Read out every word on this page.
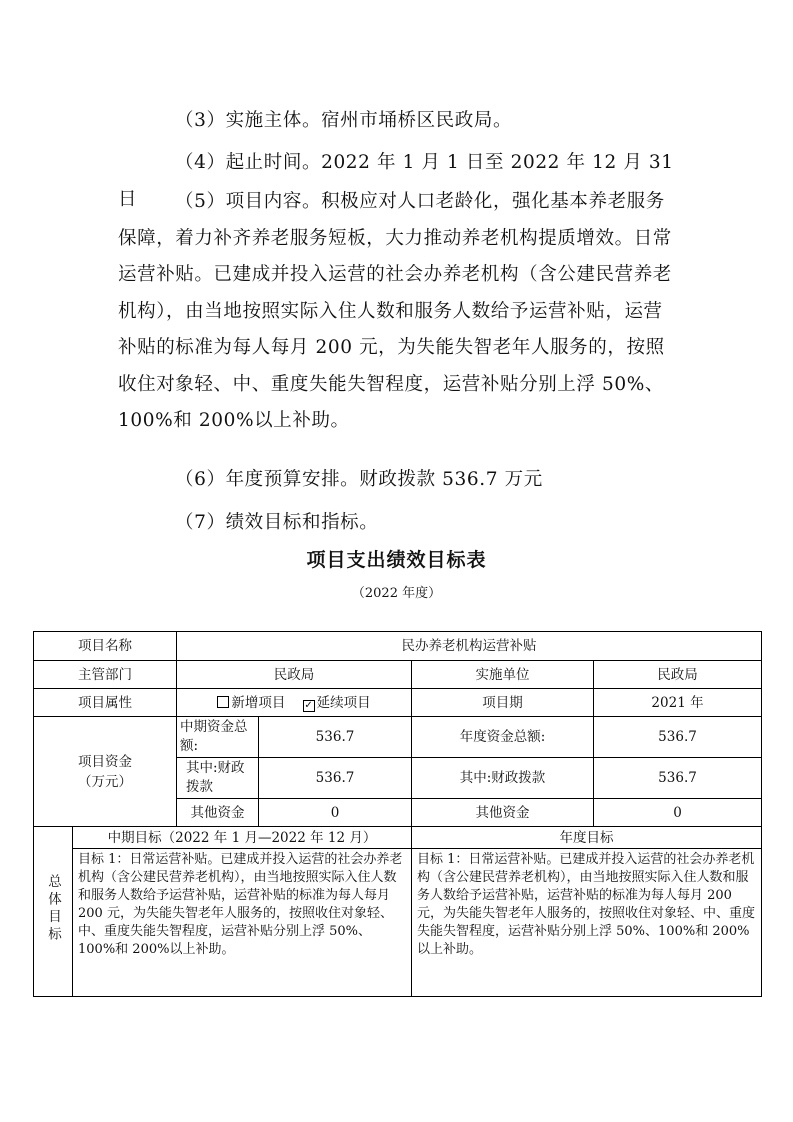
（3）实施主体。宿州市埇桥区民政局。
（4）起止时间。2022 年 1 月 1 日至 2022 年 12 月 31 日	（5）项目内容。积极应对人口老龄化，强化基本养老服务保障，着力补齐养老服务短板，大力推动养老机构提质增效。日常运营补贴。已建成并投入运营的社会办养老机构（含公建民营养老机构），由当地按照实际入住人数和服务人数给予运营补贴，运营补贴的标准为每人每月 200 元，为失能失智老年人服务的，按照收住对象轻、中、重度失能失智程度，运营补贴分别上浮 50%、100%和 200%以上补助。
（6）年度预算安排。财政拨款 536.7 万元
（7）绩效目标和指标。
项目支出绩效目标表
（2022 年度）
项目名称		民办养老机构运营补贴			
主管部门		民政局		实施单位	民政局
项目属性		新增项目 ✓ 延续项目		项目期	2021 年

项目资金（万元）		中期资金总额:	536.7	年度资金总额:	536.7

		其中:财政拨款	536.7	其中:财政拨款	536.7
		其他资金	0	其他资金	0
总体目标	中期目标（2022 年 1 月—2022 年 12 月）			年度目标	
	目标 1：日常运营补贴。已建成并投入运营的社会办养老机构（含公建民营养老机构），由当地按照实际入住人数和服务人数给予运营补贴，运营补贴的标准为每人每月 200 元，为失能失智老年人服务的，按照收住对象轻、中、重度失能失智程度，运营补贴分别上浮 50%、100%和 200%以上补助。			目标 1：日常运营补贴。已建成并投入运营的社会办养老机构（含公建民营养老机构），由当地按照实际入住人数和服务人数给予运营补贴，运营补贴的标准为每人每月 200 元，为失能失智老年人服务的，按照收住对象轻、中、重度失能失智程度，运营补贴分别上浮 50%、100%和 200%以上补助。	
